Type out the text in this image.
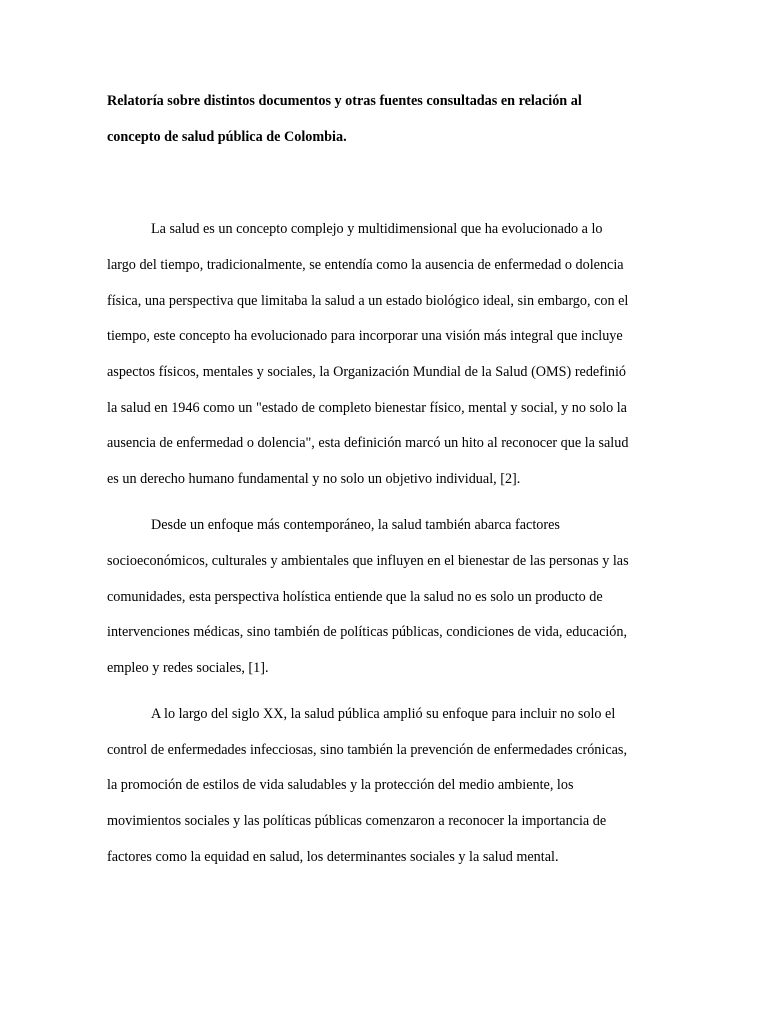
Relatoría sobre distintos documentos y otras fuentes consultadas en relación al
concepto de salud pública de Colombia.
La salud es un concepto complejo y multidimensional que ha evolucionado a lo
largo del tiempo, tradicionalmente, se entendía como la ausencia de enfermedad o dolencia
física, una perspectiva que limitaba la salud a un estado biológico ideal, sin embargo, con el
tiempo, este concepto ha evolucionado para incorporar una visión más integral que incluye
aspectos físicos, mentales y sociales, la Organización Mundial de la Salud (OMS) redefinió
la salud en 1946 como un "estado de completo bienestar físico, mental y social, y no solo la
ausencia de enfermedad o dolencia", esta definición marcó un hito al reconocer que la salud
es un derecho humano fundamental y no solo un objetivo individual, [2].
Desde un enfoque más contemporáneo, la salud también abarca factores
socioeconómicos, culturales y ambientales que influyen en el bienestar de las personas y las
comunidades, esta perspectiva holística entiende que la salud no es solo un producto de
intervenciones médicas, sino también de políticas públicas, condiciones de vida, educación,
empleo y redes sociales, [1].
A lo largo del siglo XX, la salud pública amplió su enfoque para incluir no solo el
control de enfermedades infecciosas, sino también la prevención de enfermedades crónicas,
la promoción de estilos de vida saludables y la protección del medio ambiente, los
movimientos sociales y las políticas públicas comenzaron a reconocer la importancia de
factores como la equidad en salud, los determinantes sociales y la salud mental.
